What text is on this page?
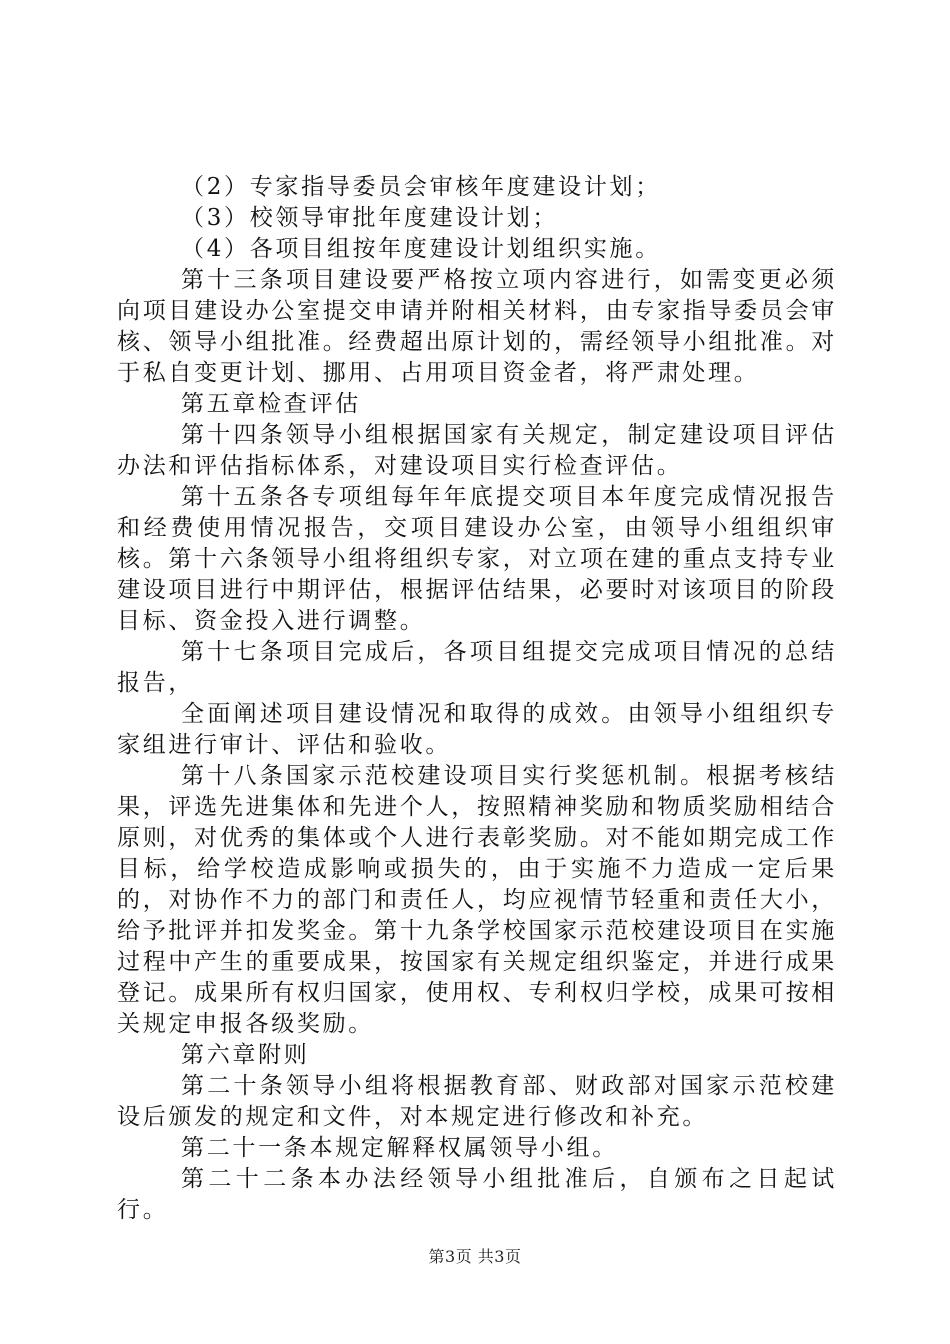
（2）专家指导委员会审核年度建设计划；

（3）校领导审批年度建设计划；

（4）各项目组按年度建设计划组织实施。

第十三条项目建设要严格按立项内容进行，如需变更必须向项目建设办公室提交申请并附相关材料，由专家指导委员会审核、领导小组批准。经费超出原计划的，需经领导小组批准。对于私自变更计划、挪用、占用项目资金者，将严肃处理。

第五章检查评估

第十四条领导小组根据国家有关规定，制定建设项目评估办法和评估指标体系，对建设项目实行检查评估。

第十五条各专项组每年年底提交项目本年度完成情况报告和经费使用情况报告，交项目建设办公室，由领导小组组织审核。第十六条领导小组将组织专家，对立项在建的重点支持专业建设项目进行中期评估，根据评估结果，必要时对该项目的阶段目标、资金投入进行调整。

第十七条项目完成后，各项目组提交完成项目情况的总结报告，

全面阐述项目建设情况和取得的成效。由领导小组组织专家组进行审计、评估和验收。

第十八条国家示范校建设项目实行奖惩机制。根据考核结果，评选先进集体和先进个人，按照精神奖励和物质奖励相结合原则，对优秀的集体或个人进行表彰奖励。对不能如期完成工作目标，给学校造成影响或损失的，由于实施不力造成一定后果的，对协作不力的部门和责任人，均应视情节轻重和责任大小，给予批评并扣发奖金。第十九条学校国家示范校建设项目在实施过程中产生的重要成果，按国家有关规定组织鉴定，并进行成果登记。成果所有权归国家，使用权、专利权归学校，成果可按相关规定申报各级奖励。

第六章附则

第二十条领导小组将根据教育部、财政部对国家示范校建设后颁发的规定和文件，对本规定进行修改和补充。

第二十一条本规定解释权属领导小组。

第二十二条本办法经领导小组批准后，自颁布之日起试行。

第3页 共3页
